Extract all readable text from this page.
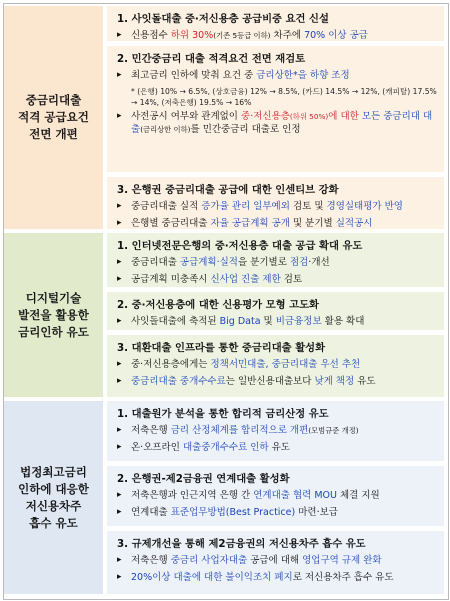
중금리대출
적격 공급요건
전면 개편
1. 사잇돌대출 중·저신용층 공급비중 요건 신설
▸ 신용점수 하위 30%(기존 5등급 이하) 차주에 70% 이상 공급
2. 민간중금리 대출 적격요건 전면 재검토
▸ 최고금리 인하에 맞춰 요건 중 금리상한*을 하향 조정
* (은행) 10% → 6.5%, (상호금융) 12% → 8.5%, (카드) 14.5% → 12%, (캐피탈) 17.5% → 14%, (저축은행) 19.5% → 16%
▸ 사전공시 여부와 관계없이 중·저신용층(하위 50%)에 대한 모든 중금리대 대출(금리상한 이하)를 민간중금리 대출로 인정
3. 은행권 중금리대출 공급에 대한 인센티브 강화
▸ 중금리대출 실적 증가율 관리 일부예외 검토 및 경영실태평가 반영
▸ 은행별 중금리대출 자율 공급계획 공개 및 분기별 실적공시
디지털기술
발전을 활용한
금리인하 유도
1. 인터넷전문은행의 중·저신용층 대출 공급 확대 유도
▸ 중금리대출 공급계획·실적을 분기별로 점검·개선
▸ 공급계획 미충족시 신사업 진출 제한 검토
2. 중·저신용층에 대한 신용평가 모형 고도화
▸ 사잇돌대출에 축적된 Big Data 및 비금융정보 활용 확대
3. 대환대출 인프라를 통한 중금리대출 활성화
▸ 중·저신용층에게는 정책서민대출, 중금리대출 우선 추천
▸ 중금리대출 중개수수료는 일반신용대출보다 낮게 책정 유도
법정최고금리
인하에 대응한
저신용차주
흡수 유도
1. 대출원가 분석을 통한 합리적 금리산정 유도
▸ 저축은행 금리 산정체계를 합리적으로 개편(모범규준 개정)
▸ 온·오프라인 대출중개수수료 인하 유도
2. 은행권-제2금융권 연계대출 활성화
▸ 저축은행과 인근지역 은행 간 연계대출 협력 MOU 체결 지원
▸ 연계대출 표준업무방법(Best Practice) 마련·보급
3. 규제개선을 통해 제2금융권의 저신용차주 흡수 유도
▸ 저축은행 중금리 사업자대출 공급에 대해 영업구역 규제 완화
▸ 20%이상 대출에 대한 불이익조치 폐지로 저신용차주 흡수 유도
